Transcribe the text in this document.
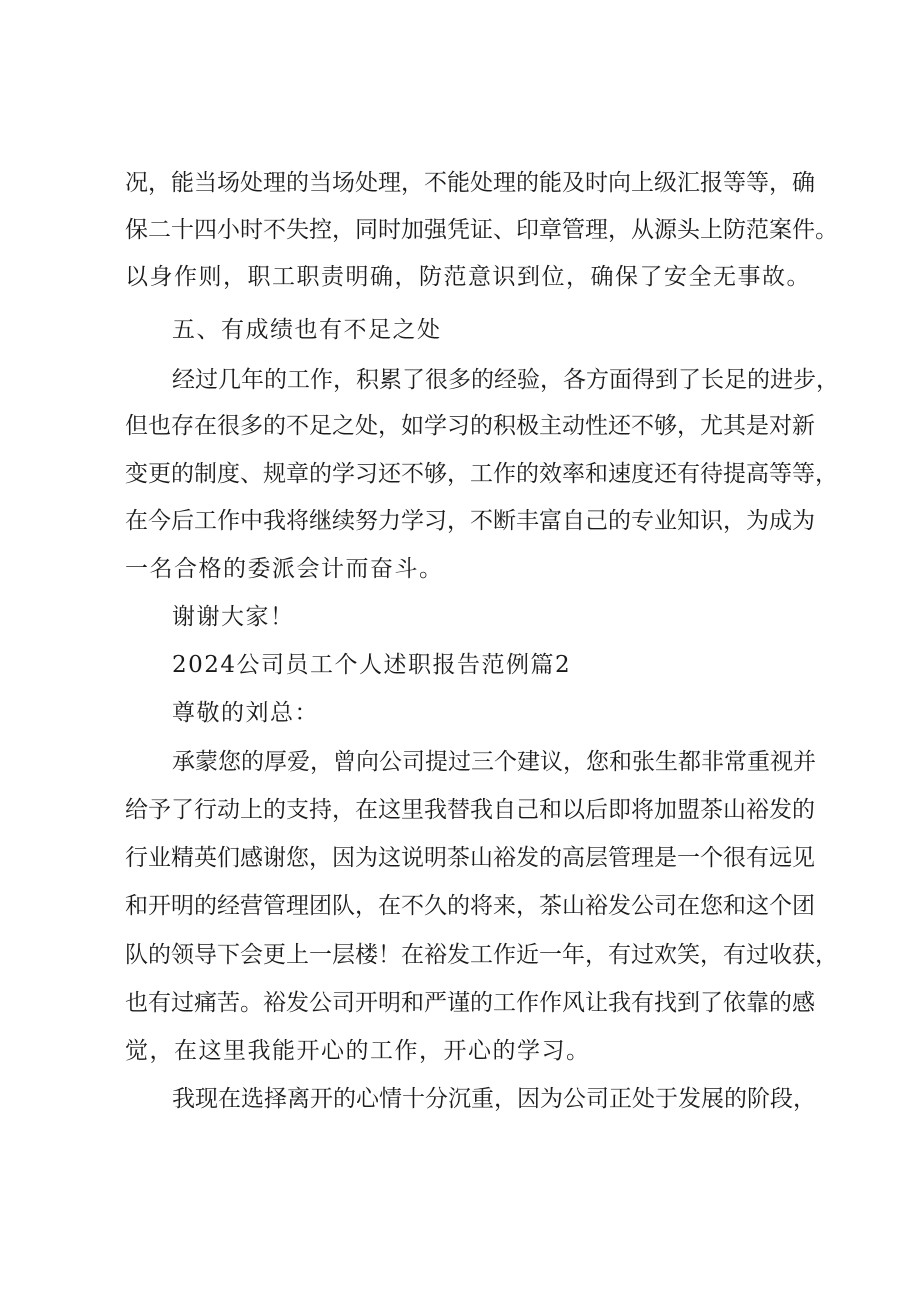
况，能当场处理的当场处理，不能处理的能及时向上级汇报等等，确
保二十四小时不失控，同时加强凭证、印章管理，从源头上防范案件。
以身作则，职工职责明确，防范意识到位，确保了安全无事故。
五、有成绩也有不足之处
经过几年的工作，积累了很多的经验，各方面得到了长足的进步，
但也存在很多的不足之处，如学习的积极主动性还不够，尤其是对新
变更的制度、规章的学习还不够，工作的效率和速度还有待提高等等，
在今后工作中我将继续努力学习，不断丰富自己的专业知识，为成为
一名合格的委派会计而奋斗。
谢谢大家！
2024公司员工个人述职报告范例篇2
尊敬的刘总：
承蒙您的厚爱，曾向公司提过三个建议，您和张生都非常重视并
给予了行动上的支持，在这里我替我自己和以后即将加盟茶山裕发的
行业精英们感谢您，因为这说明茶山裕发的高层管理是一个很有远见
和开明的经营管理团队，在不久的将来，茶山裕发公司在您和这个团
队的领导下会更上一层楼！在裕发工作近一年，有过欢笑，有过收获，
也有过痛苦。裕发公司开明和严谨的工作作风让我有找到了依靠的感
觉，在这里我能开心的工作，开心的学习。
我现在选择离开的心情十分沉重，因为公司正处于发展的阶段，
